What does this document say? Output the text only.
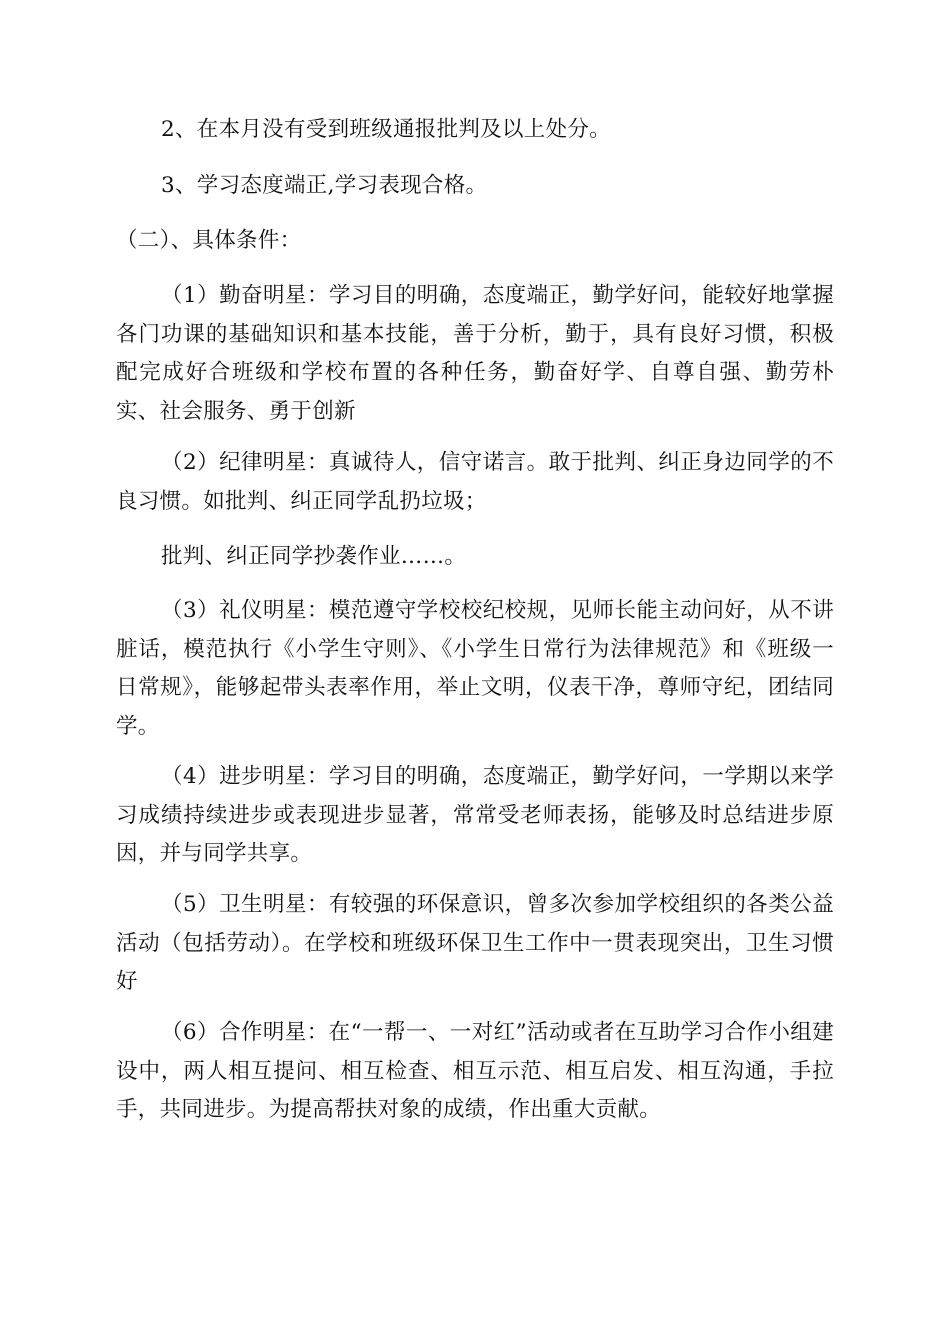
2、在本月没有受到班级通报批判及以上处分。

3、学习态度端正,学习表现合格。

（二）、具体条件：

（1）勤奋明星：学习目的明确，态度端正，勤学好问，能较好地掌握各门功课的基础知识和基本技能，善于分析，勤于，具有良好习惯，积极配完成好合班级和学校布置的各种任务，勤奋好学、自尊自强、勤劳朴实、社会服务、勇于创新

（2）纪律明星：真诚待人，信守诺言。敢于批判、纠正身边同学的不良习惯。如批判、纠正同学乱扔垃圾；

批判、纠正同学抄袭作业……。

（3）礼仪明星：模范遵守学校校纪校规，见师长能主动问好，从不讲脏话，模范执行《小学生守则》、《小学生日常行为法律规范》和《班级一日常规》，能够起带头表率作用，举止文明，仪表干净，尊师守纪，团结同学。

（4）进步明星：学习目的明确，态度端正，勤学好问，一学期以来学习成绩持续进步或表现进步显著，常常受老师表扬，能够及时总结进步原因，并与同学共享。

（5）卫生明星：有较强的环保意识，曾多次参加学校组织的各类公益活动（包括劳动）。在学校和班级环保卫生工作中一贯表现突出，卫生习惯好

（6）合作明星：在“一帮一、一对红”活动或者在互助学习合作小组建设中，两人相互提问、相互检查、相互示范、相互启发、相互沟通，手拉手，共同进步。为提高帮扶对象的成绩，作出重大贡献。
